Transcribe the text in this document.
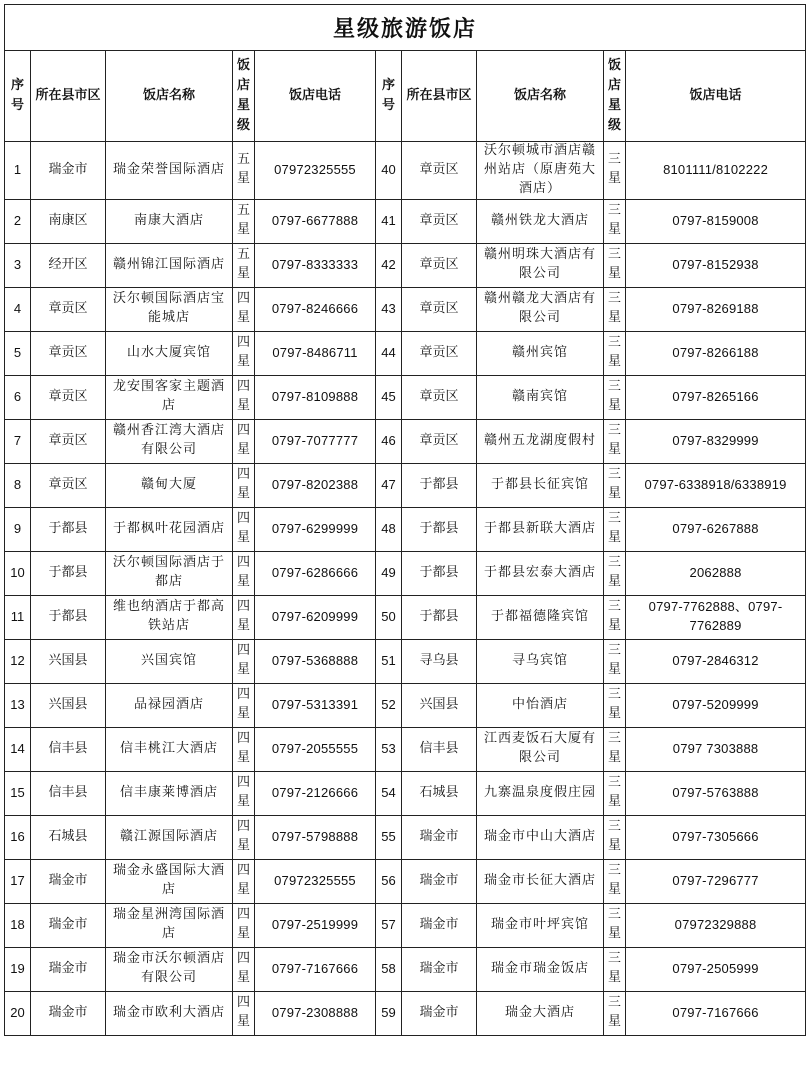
星级旅游饭店									
序号	所在县市区	饭店名称	饭店星级	饭店电话	序号	所在县市区	饭店名称	饭店星级	饭店电话
1	瑞金市	瑞金荣誉国际酒店	五星	07972325555	40	章贡区	沃尔顿城市酒店赣州站店（原唐苑大酒店）	三星	8101111/8102222
2	南康区	南康大酒店	五星	0797-6677888	41	章贡区	赣州铁龙大酒店	三星	0797-8159008
3	经开区	赣州锦江国际酒店	五星	0797-8333333	42	章贡区	赣州明珠大酒店有限公司	三星	0797-8152938
4	章贡区	沃尔顿国际酒店宝能城店	四星	0797-8246666	43	章贡区	赣州赣龙大酒店有限公司	三星	0797-8269188
5	章贡区	山水大厦宾馆	四星	0797-8486711	44	章贡区	赣州宾馆	三星	0797-8266188
6	章贡区	龙安围客家主题酒店	四星	0797-8109888	45	章贡区	赣南宾馆	三星	0797-8265166
7	章贡区	赣州香江湾大酒店有限公司	四星	0797-7077777	46	章贡区	赣州五龙湖度假村	三星	0797-8329999
8	章贡区	赣甸大厦	四星	0797-8202388	47	于都县	于都县长征宾馆	三星	0797-6338918/6338919
9	于都县	于都枫叶花园酒店	四星	0797-6299999	48	于都县	于都县新联大酒店	三星	0797-6267888
10	于都县	沃尔顿国际酒店于都店	四星	0797-6286666	49	于都县	于都县宏泰大酒店	三星	2062888
11	于都县	维也纳酒店于都高铁站店	四星	0797-6209999	50	于都县	于都福德隆宾馆	三星	0797-7762888、0797-7762889
12	兴国县	兴国宾馆	四星	0797-5368888	51	寻乌县	寻乌宾馆	三星	0797-2846312
13	兴国县	品禄园酒店	四星	0797-5313391	52	兴国县	中怡酒店	三星	0797-5209999
14	信丰县	信丰桃江大酒店	四星	0797-2055555	53	信丰县	江西麦饭石大厦有限公司	三星	0797 7303888
15	信丰县	信丰康莱博酒店	四星	0797-2126666	54	石城县	九寨温泉度假庄园	三星	0797-5763888
16	石城县	赣江源国际酒店	四星	0797-5798888	55	瑞金市	瑞金市中山大酒店	三星	0797-7305666
17	瑞金市	瑞金永盛国际大酒店	四星	07972325555	56	瑞金市	瑞金市长征大酒店	三星	0797-7296777
18	瑞金市	瑞金星洲湾国际酒店	四星	0797-2519999	57	瑞金市	瑞金市叶坪宾馆	三星	07972329888
19	瑞金市	瑞金市沃尔顿酒店有限公司	四星	0797-7167666	58	瑞金市	瑞金市瑞金饭店	三星	0797-2505999
20	瑞金市	瑞金市欧利大酒店	四星	0797-2308888	59	瑞金市	瑞金大酒店	三星	0797-7167666
